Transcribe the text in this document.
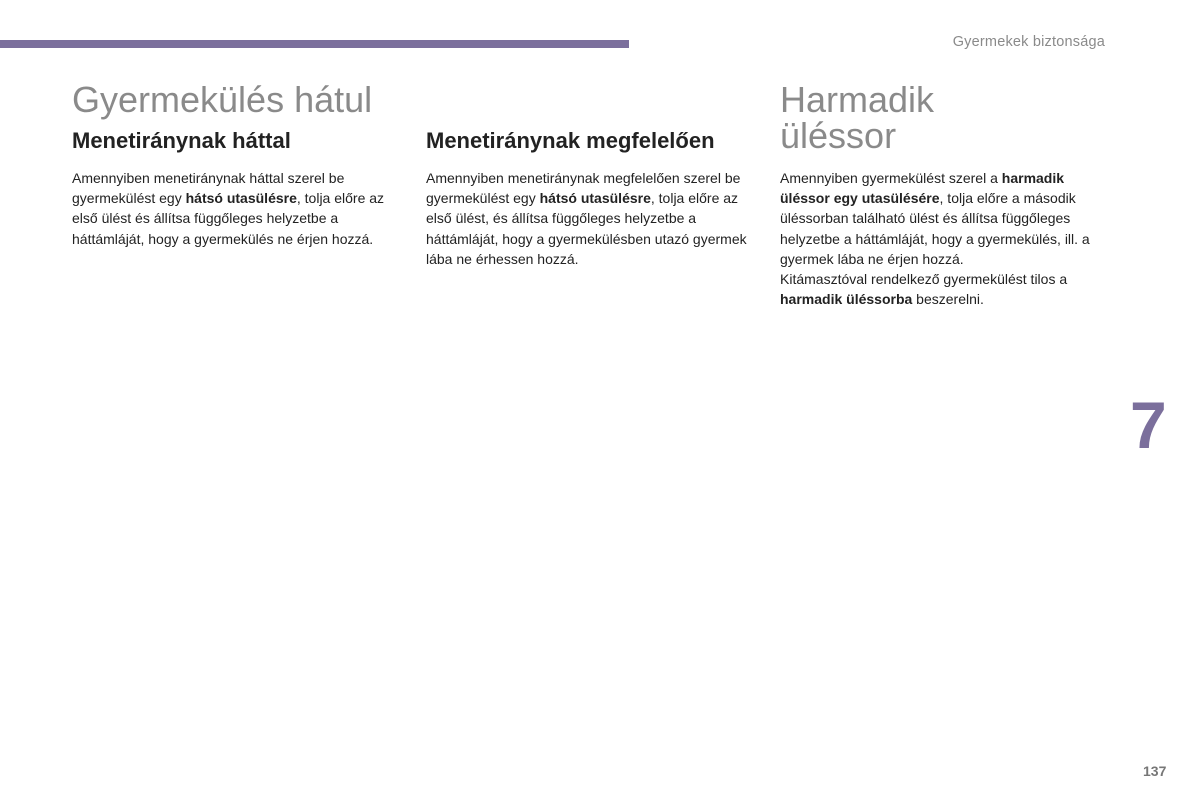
Gyermekek biztonsága
Gyermekülés hátul	Harmadik üléssor
Menetiránynak háttal	Menetiránynak megfelelően

Amennyiben menetiránynak háttal szerel be gyermekülést egy hátsó utasülésre, tolja előre az első ülést és állítsa függőleges helyzetbe a háttámláját, hogy a gyermekülés ne érjen hozzá.

Amennyiben menetiránynak megfelelően szerel be gyermekülést egy hátsó utasülésre, tolja előre az első ülést, és állítsa függőleges helyzetbe a háttámláját, hogy a gyermekülésben utazó gyermek lába ne érhessen hozzá.

Amennyiben gyermekülést szerel a harmadik üléssor egy utasülésére, tolja előre a második üléssorban található ülést és állítsa függőleges helyzetbe a háttámláját, hogy a gyermekülés, ill. a gyermek lába ne érjen hozzá.

Kitámasztóval rendelkező gyermekülést tilos a harmadik üléssorba beszerelni.

7
137
